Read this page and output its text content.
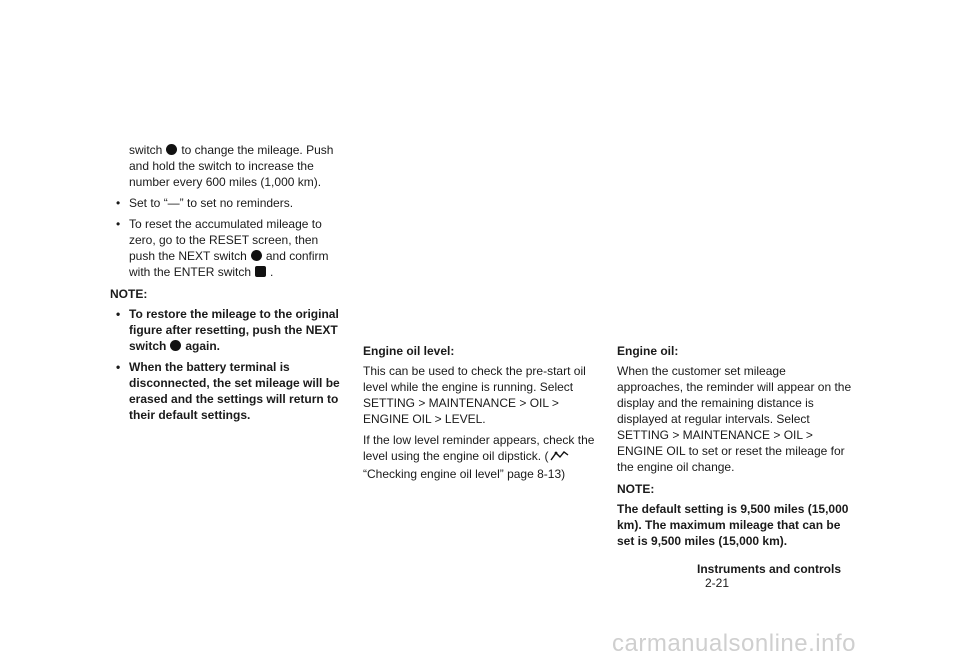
switch to change the mileage. Push and hold the switch to increase the number every 600 miles (1,000 km).

• Set to “—” to set no reminders.
• To reset the accumulated mileage to zero, go to the RESET screen, then push the NEXT switch and confirm with the ENTER switch .
NOTE:
• To restore the mileage to the original figure after resetting, push the NEXT switch again.
• When the battery terminal is disconnected, the set mileage will be erased and the settings will return to their default settings.
Engine oil level:

This can be used to check the pre-start oil level while the engine is running. Select SETTING > MAINTENANCE > OIL > ENGINE OIL > LEVEL.

If the low level reminder appears, check the level using the engine oil dipstick. (“Checking engine oil level” page 8-13)

Engine oil:

When the customer set mileage approaches, the reminder will appear on the display and the remaining distance is displayed at regular intervals. Select SETTING > MAINTENANCE > OIL > ENGINE OIL to set or reset the mileage for the engine oil change.

NOTE:

The default setting is 9,500 miles (15,000 km). The maximum mileage that can be set is 9,500 miles (15,000 km).

Instruments and controls 2-21
carmanualsonline.info
